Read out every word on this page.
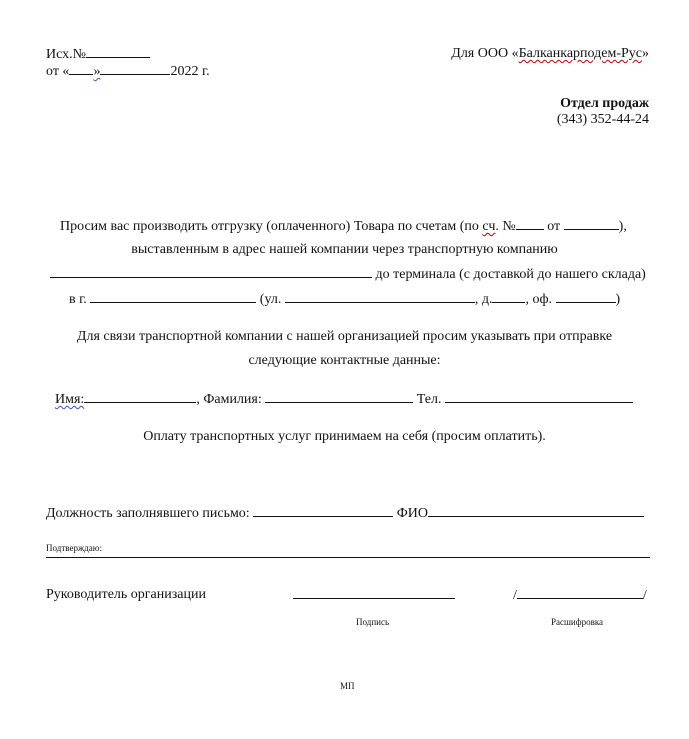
Исх.№
от « »	2022 г.
Для ООО «Балканкарподем-Рус»
Отдел продаж
(343) 352-44-24
Просим вас производить отгрузку (оплаченного) Товара по счетам (по сч. № от	),
выставленным в адрес нашей компании через транспортную компанию
до терминала (с доставкой до нашего склада)
в г.	(ул.	, д. , оф.	)
Для связи транспортной компании с нашей организацией просим указывать при отправке
следующие контактные данные:
Имя:	, Фамилия:	Тел.
Оплату транспортных услуг принимаем на себя (просим оплатить).
Должность заполнявшего письмо:	ФИО
Подтверждаю:
Руководитель организации	/	/
Подпись	Расшифровка
МП
